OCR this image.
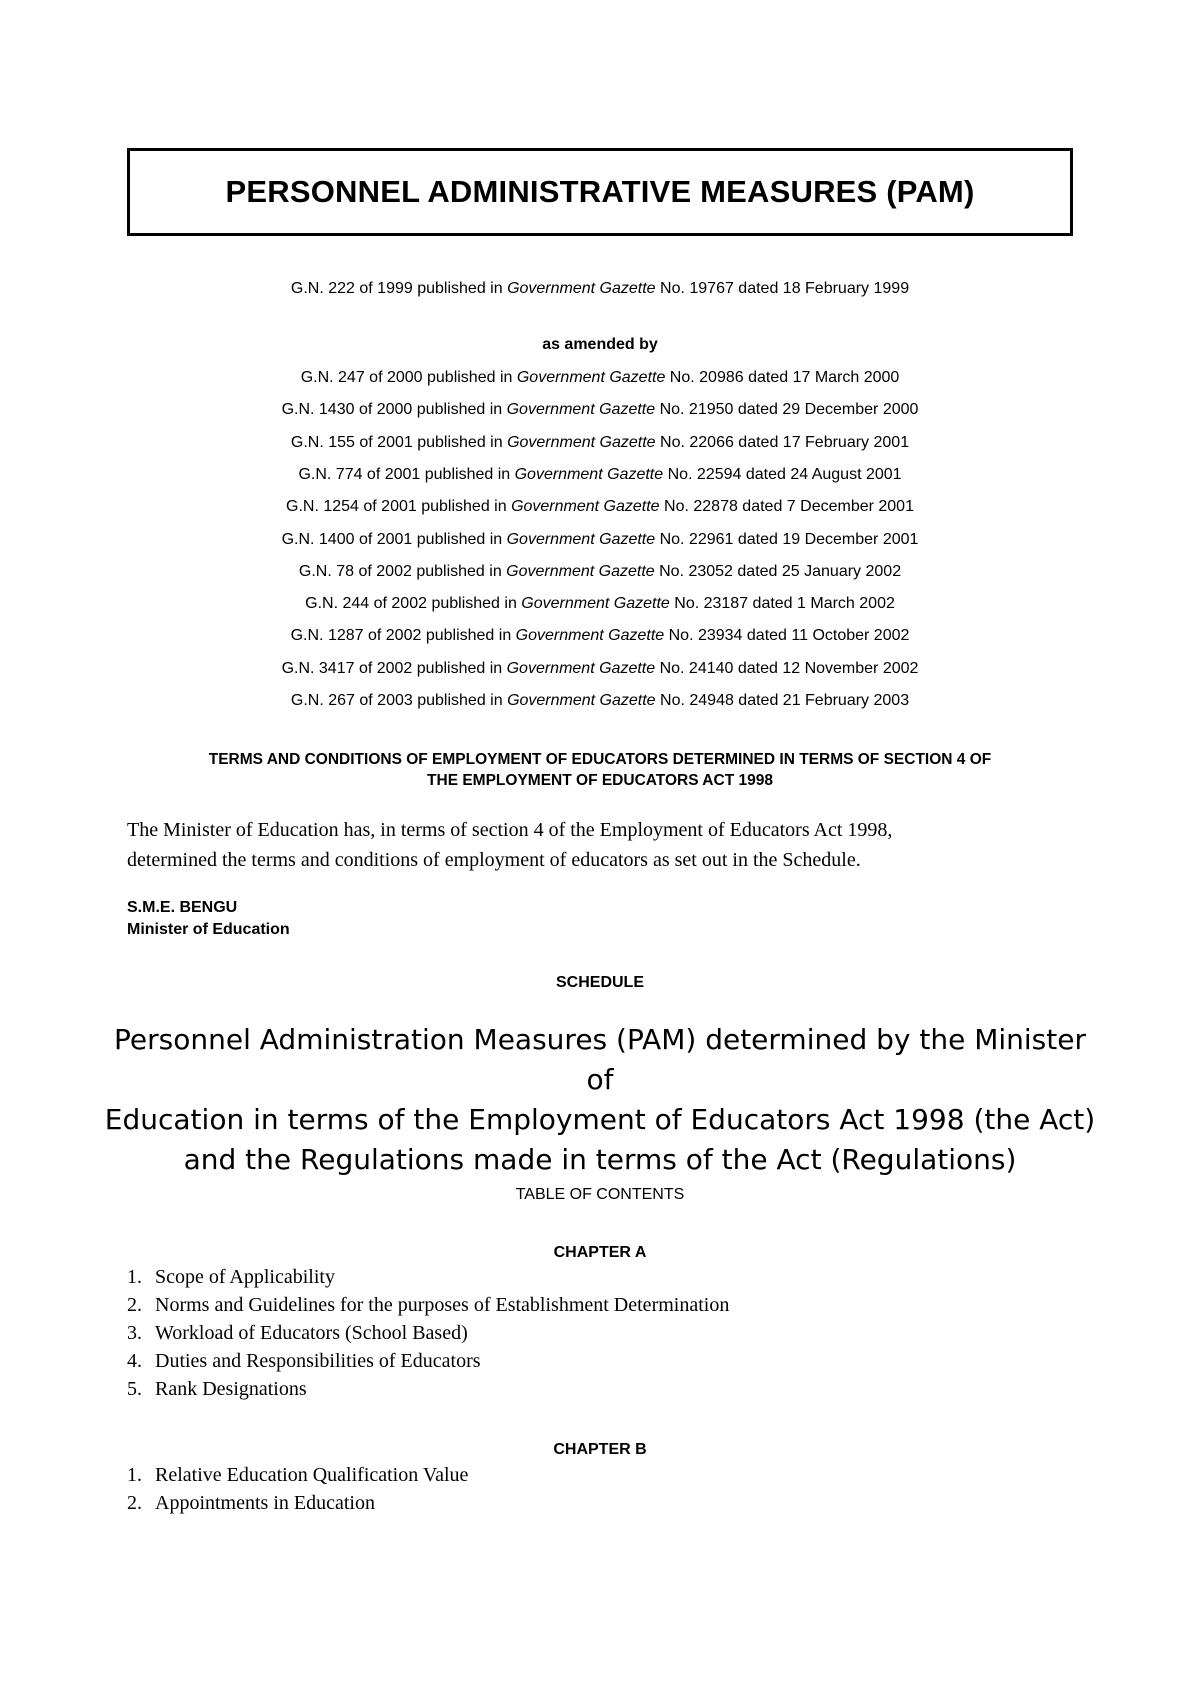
PERSONNEL ADMINISTRATIVE MEASURES (PAM)
G.N. 222 of 1999 published in Government Gazette No. 19767 dated 18 February 1999
as amended by
G.N. 247 of 2000 published in Government Gazette No. 20986 dated 17 March 2000
G.N. 1430 of 2000 published in Government Gazette No. 21950 dated 29 December 2000
G.N. 155 of 2001 published in Government Gazette No. 22066 dated 17 February 2001
G.N. 774 of 2001 published in Government Gazette No. 22594 dated 24 August 2001
G.N. 1254 of 2001 published in Government Gazette No. 22878 dated 7 December 2001
G.N. 1400 of 2001 published in Government Gazette No. 22961 dated 19 December 2001
G.N. 78 of 2002 published in Government Gazette No. 23052 dated 25 January 2002
G.N. 244 of 2002 published in Government Gazette No. 23187 dated 1 March 2002
G.N. 1287 of 2002 published in Government Gazette No. 23934 dated 11 October 2002
G.N. 3417 of 2002 published in Government Gazette No. 24140 dated 12 November 2002
G.N. 267 of 2003 published in Government Gazette No. 24948 dated 21 February 2003
TERMS AND CONDITIONS OF EMPLOYMENT OF EDUCATORS DETERMINED IN TERMS OF SECTION 4 OF
THE EMPLOYMENT OF EDUCATORS ACT 1998
The Minister of Education has, in terms of section 4 of the Employment of Educators Act 1998,
determined the terms and conditions of employment of educators as set out in the Schedule.
S.M.E. BENGU
Minister of Education
SCHEDULE
Personnel Administration Measures (PAM) determined by the Minister of
Education in terms of the Employment of Educators Act 1998 (the Act)
and the Regulations made in terms of the Act (Regulations)
TABLE OF CONTENTS
CHAPTER A
1. Scope of Applicability
2. Norms and Guidelines for the purposes of Establishment Determination
3. Workload of Educators (School Based)
4. Duties and Responsibilities of Educators
5. Rank Designations
CHAPTER B
1. Relative Education Qualification Value
2. Appointments in Education
